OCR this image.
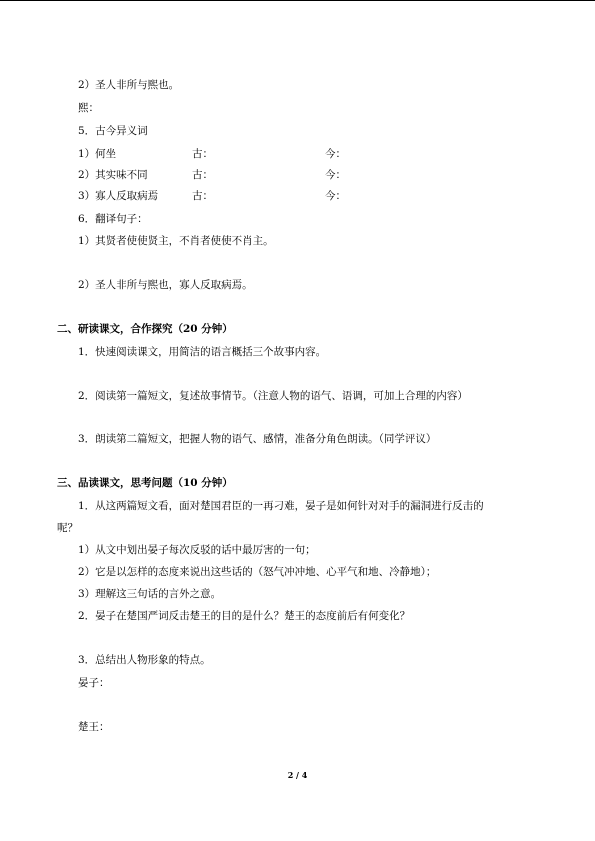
2）圣人非所与熙也。
熙：
5．古今异义词
1）何坐	古：	今：
2）其实味不同	古：	今：
3）寡人反取病焉	古：	今：
6．翻译句子：
1）其贤者使使贤主，不肖者使使不肖主。
2）圣人非所与熙也，寡人反取病焉。
二、研读课文，合作探究（20 分钟）
1．快速阅读课文，用简洁的语言概括三个故事内容。
2．阅读第一篇短文，复述故事情节。（注意人物的语气、语调，可加上合理的内容）
3．朗读第二篇短文，把握人物的语气、感情，准备分角色朗读。（同学评议）
三、品读课文，思考问题（10 分钟）
1．从这两篇短文看，面对楚国君臣的一再刁难，晏子是如何针对对手的漏洞进行反击的
呢？
1）从文中划出晏子每次反驳的话中最厉害的一句；
2）它是以怎样的态度来说出这些话的（怒气冲冲地、心平气和地、冷静地）；
3）理解这三句话的言外之意。
2．晏子在楚国严词反击楚王的目的是什么？楚王的态度前后有何变化？
3．总结出人物形象的特点。
晏子：
楚王：
2 / 4
